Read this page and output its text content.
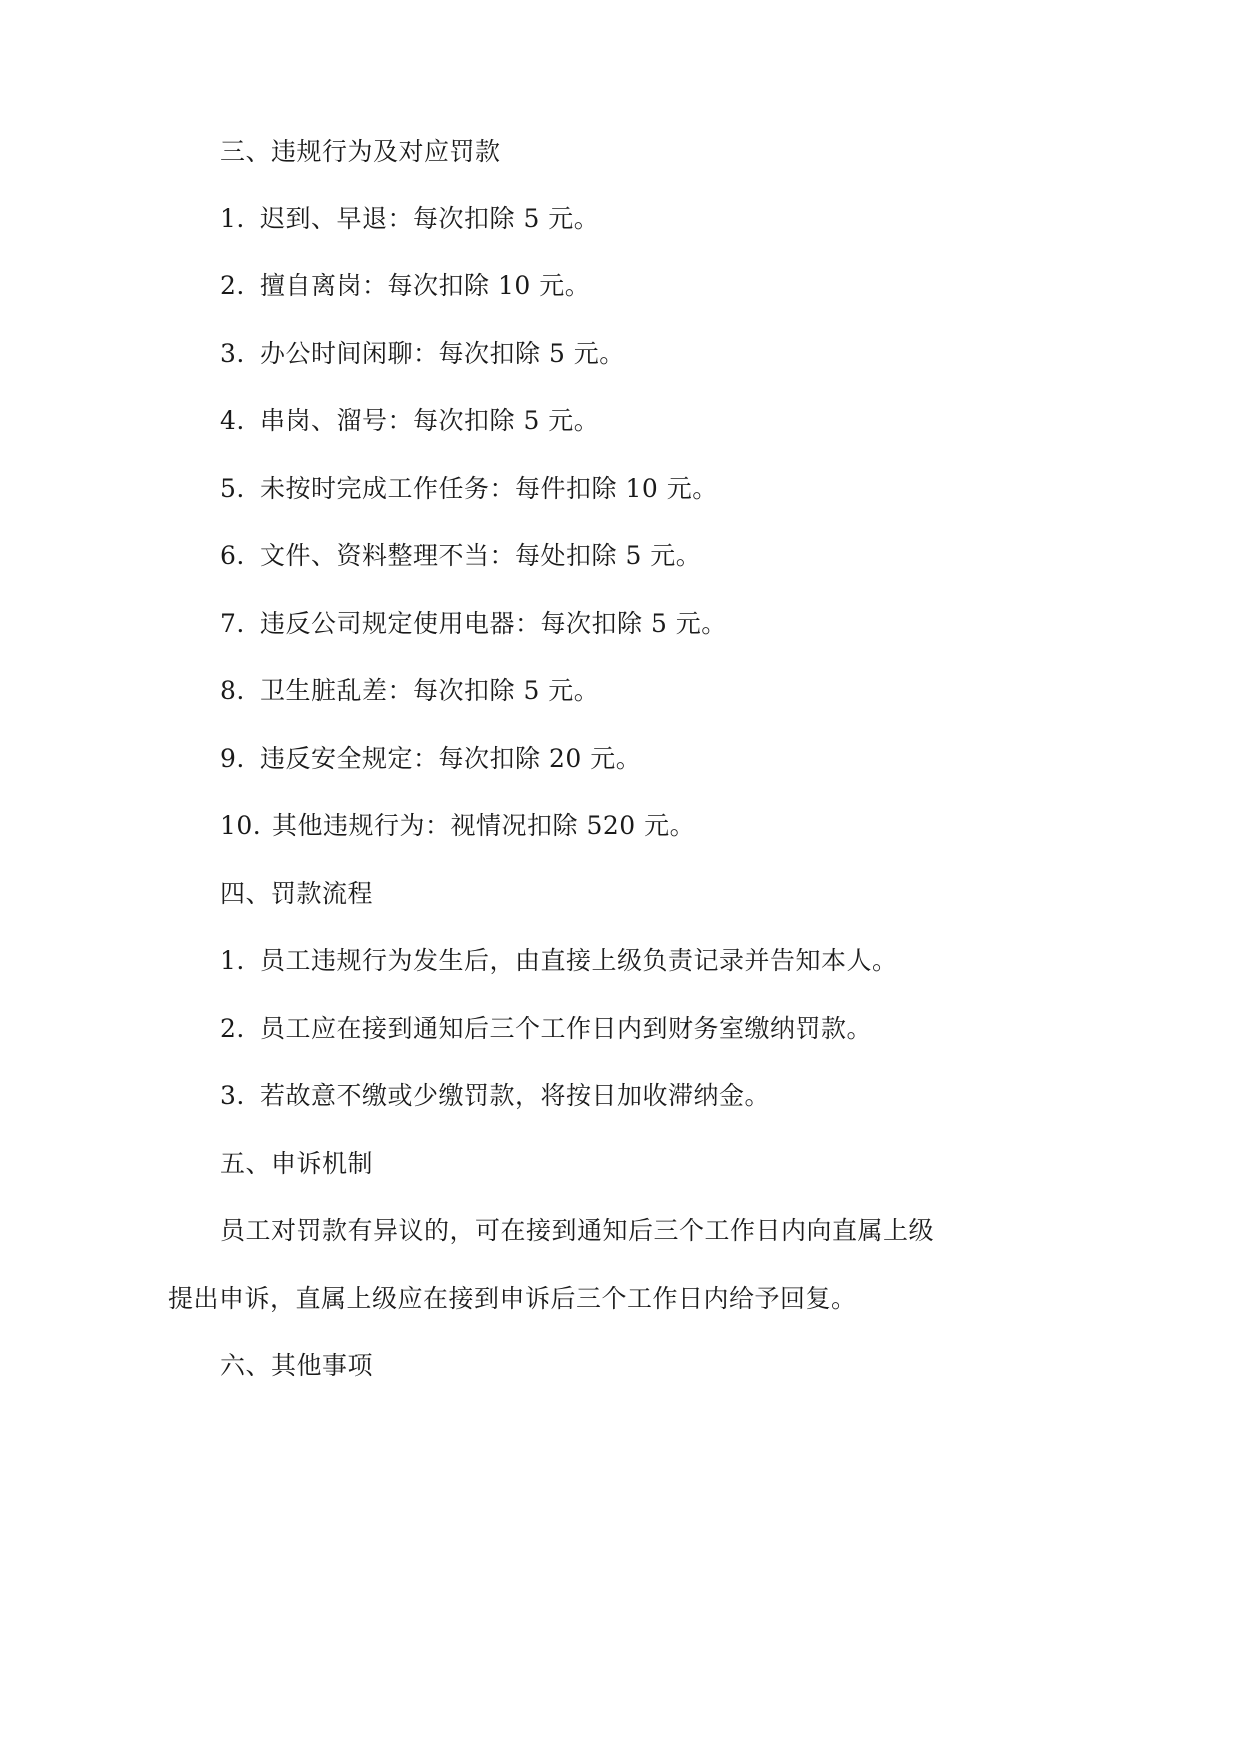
三、违规行为及对应罚款
1. 迟到、早退：每次扣除 5 元。
2. 擅自离岗：每次扣除 10 元。
3. 办公时间闲聊：每次扣除 5 元。
4. 串岗、溜号：每次扣除 5 元。
5. 未按时完成工作任务：每件扣除 10 元。
6. 文件、资料整理不当：每处扣除 5 元。
7. 违反公司规定使用电器：每次扣除 5 元。
8. 卫生脏乱差：每次扣除 5 元。
9. 违反安全规定：每次扣除 20 元。
10. 其他违规行为：视情况扣除 520 元。
四、罚款流程
1. 员工违规行为发生后，由直接上级负责记录并告知本人。
2. 员工应在接到通知后三个工作日内到财务室缴纳罚款。
3. 若故意不缴或少缴罚款，将按日加收滞纳金。
五、申诉机制
员工对罚款有异议的，可在接到通知后三个工作日内向直属上级
提出申诉，直属上级应在接到申诉后三个工作日内给予回复。
六、其他事项
